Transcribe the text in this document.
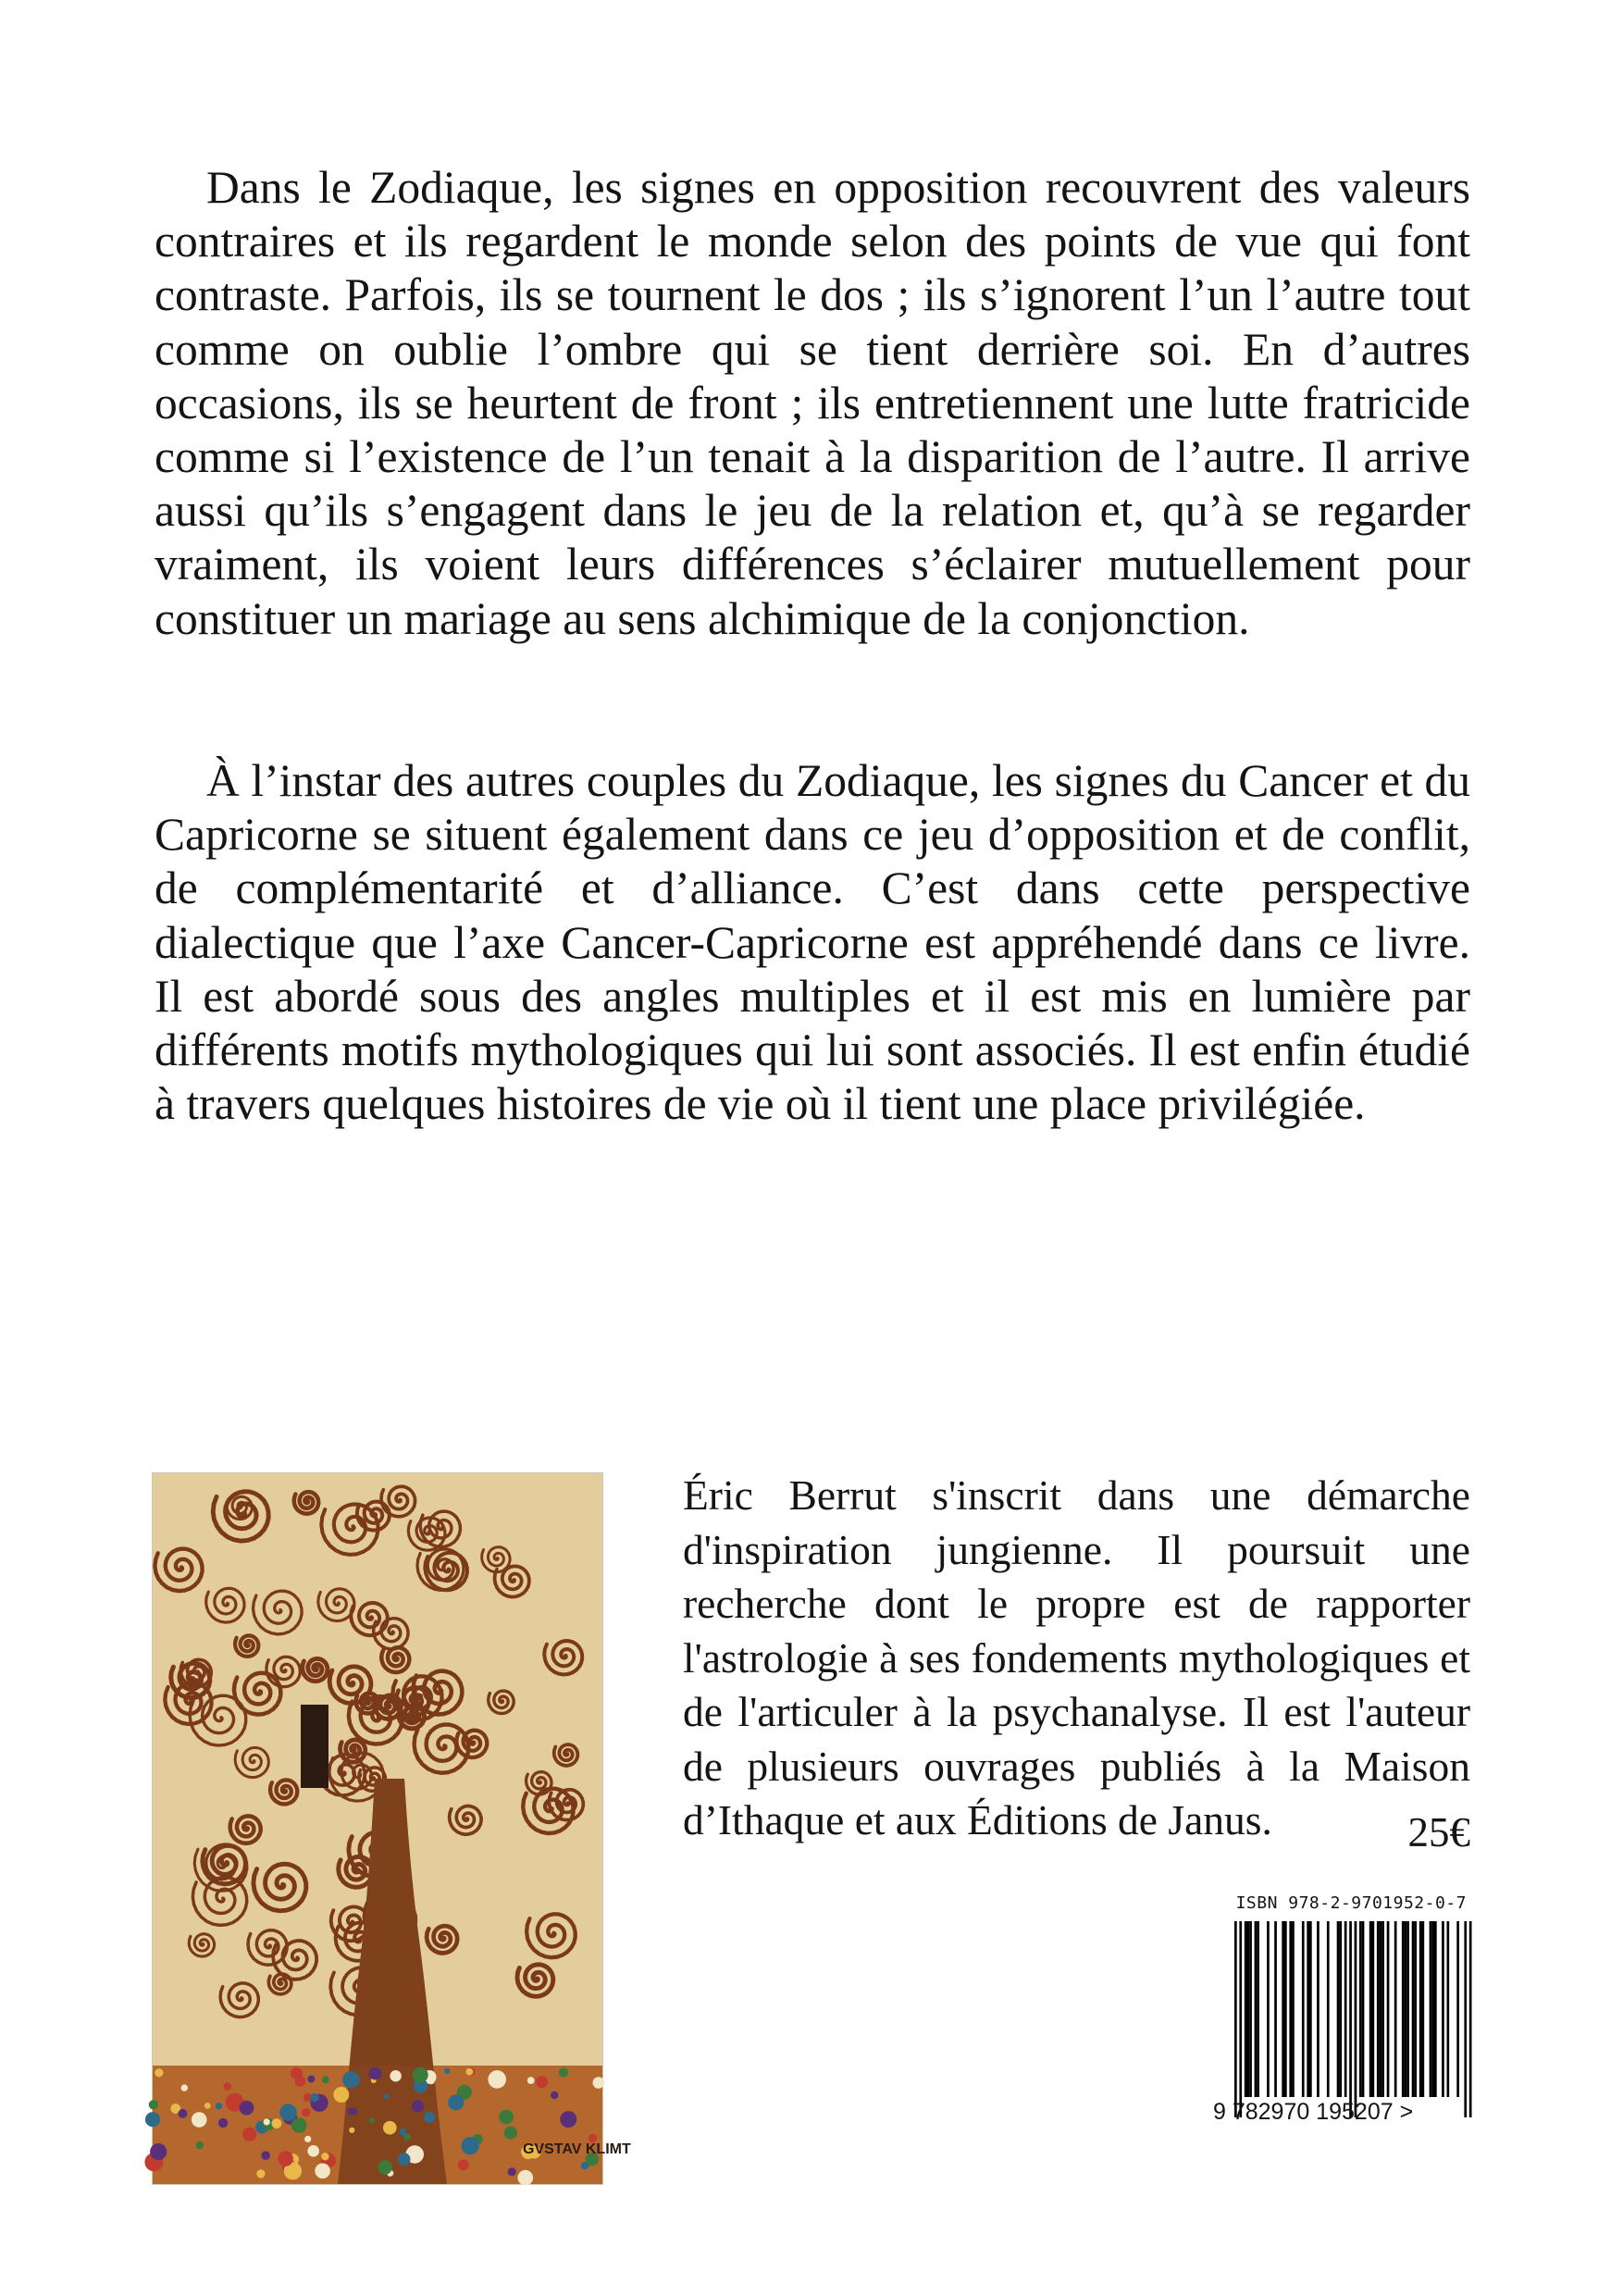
Dans le Zodiaque, les signes en opposition recouvrent des valeurs contraires et ils regardent le monde selon des points de vue qui font contraste. Parfois, ils se tournent le dos ; ils s’ignorent l’un l’autre tout comme on oublie l’ombre qui se tient derrière soi. En d’autres occasions, ils se heurtent de front ; ils entretiennent une lutte fratricide comme si l’existence de l’un tenait à la disparition de l’autre. Il arrive aussi qu’ils s’engagent dans le jeu de la relation et, qu’à se regarder vraiment, ils voient leurs différences s’éclairer mutuellement pour constituer un mariage au sens alchimique de la conjonction.

À l’instar des autres couples du Zodiaque, les signes du Cancer et du Capricorne se situent également dans ce jeu d’opposition et de conflit, de complémentarité et d’alliance. C’est dans cette perspective dialectique que l’axe Cancer-Capricorne est appréhendé dans ce livre. Il est abordé sous des angles multiples et il est mis en lumière par différents motifs mythologiques qui lui sont associés. Il est enfin étudié à travers quelques histoires de vie où il tient une place privilégiée.

GVSTAV KLIMT

Éric Berrut s'inscrit dans une démarche d'inspiration jungienne. Il poursuit une recherche dont le propre est de rapporter l'astrologie à ses fondements mythologiques et de l'articuler à la psychanalyse. Il est l'auteur de plusieurs ouvrages publiés à la Maison d’Ithaque et aux Éditions de Janus.	25€

ISBN 978-2-9701952-0-7
9 782970 195207 >
